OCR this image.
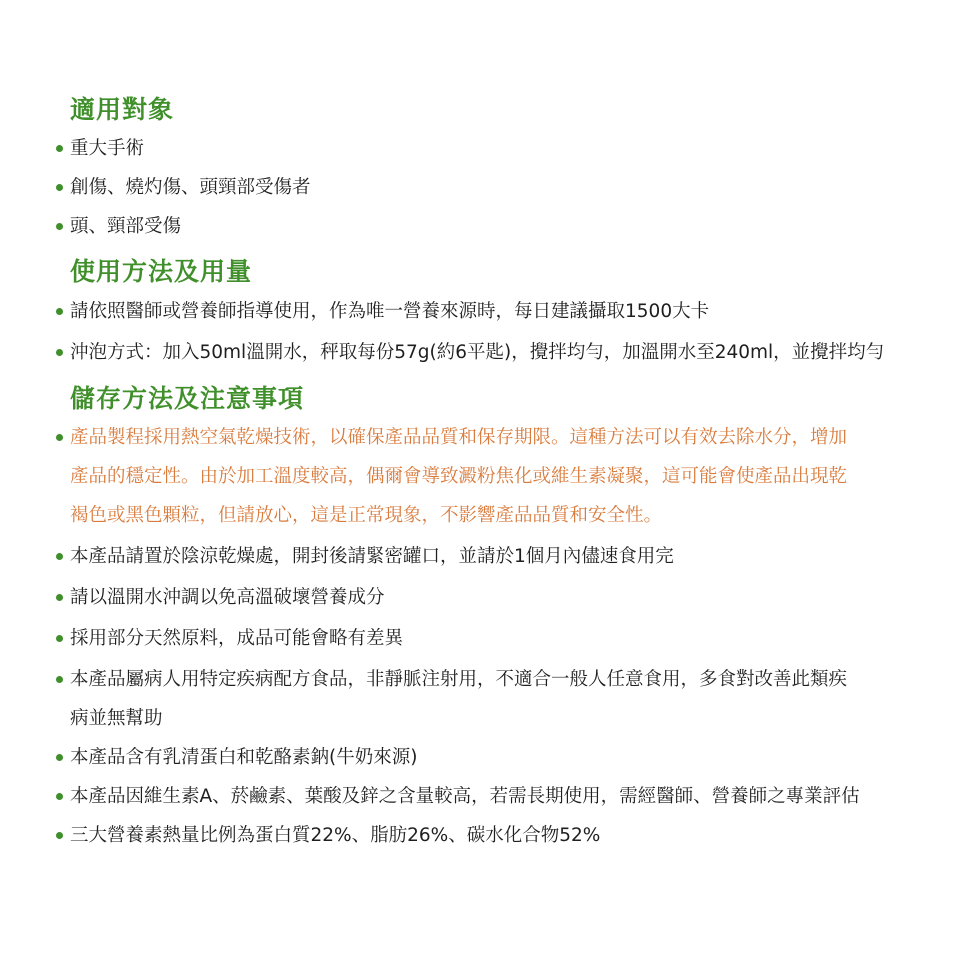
適用對象
重大手術
創傷、燒灼傷、頭頸部受傷者
頭、頸部受傷
使用方法及用量
請依照醫師或營養師指導使用，作為唯一營養來源時，每日建議攝取1500大卡
沖泡方式：加入50ml溫開水，秤取每份57g(約6平匙)，攪拌均勻，加溫開水至240ml，並攪拌均勻
儲存方法及注意事項
產品製程採用熱空氣乾燥技術，以確保產品品質和保存期限。這種方法可以有效去除水分，增加
產品的穩定性。由於加工溫度較高，偶爾會導致澱粉焦化或維生素凝聚，這可能會使產品出現乾
褐色或黑色顆粒，但請放心，這是正常現象，不影響產品品質和安全性。
本產品請置於陰涼乾燥處，開封後請緊密罐口，並請於1個月內儘速食用完
請以溫開水沖調以免高溫破壞營養成分
採用部分天然原料，成品可能會略有差異
本產品屬病人用特定疾病配方食品，非靜脈注射用，不適合一般人任意食用，多食對改善此類疾
病並無幫助
本產品含有乳清蛋白和乾酪素鈉(牛奶來源)
本產品因維生素A、菸鹼素、葉酸及鋅之含量較高，若需長期使用，需經醫師、營養師之專業評估
三大營養素熱量比例為蛋白質22%、脂肪26%、碳水化合物52%
